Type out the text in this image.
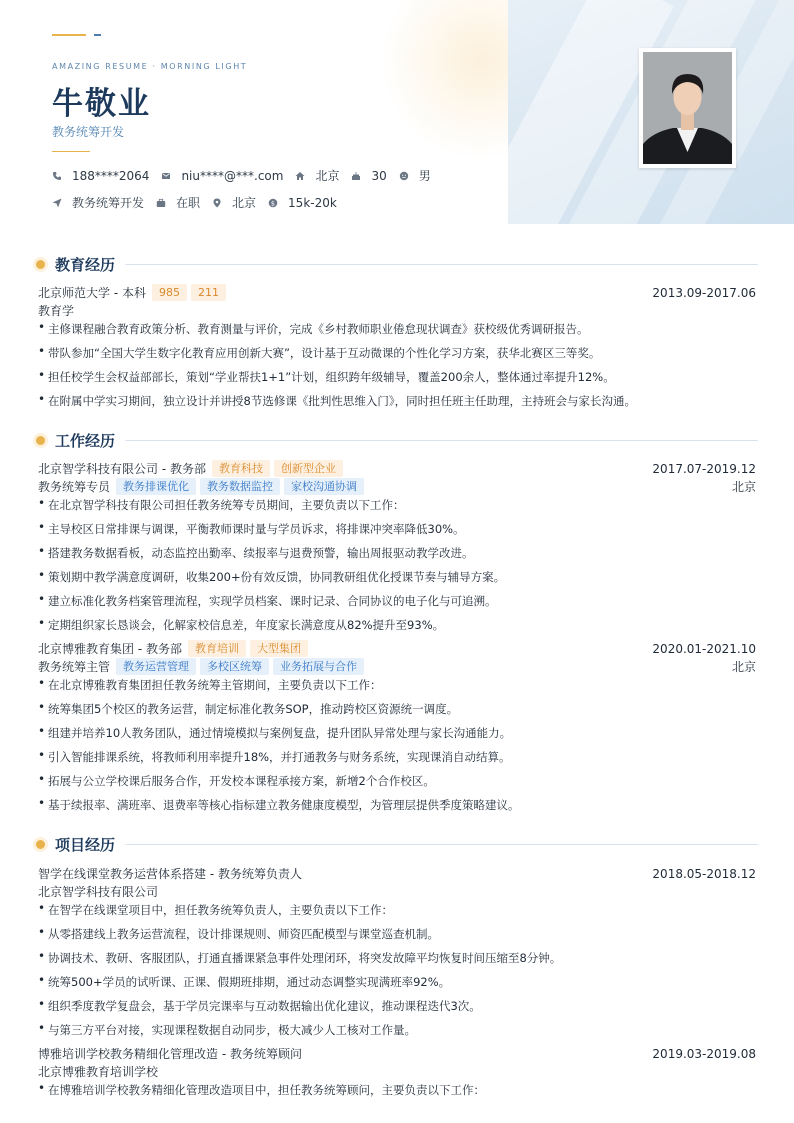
AMAZING RESUME · MORNING LIGHT
牛敬业
教务统筹开发
188****2064	niu****@***.com	北京	30	男
教务统筹开发	在职	北京 $ 15k-20k
教育经历
北京师范大学 - 本科	985	211	2013.09-2017.06
教育学
• 主修课程融合教育政策分析、教育测量与评价，完成《乡村教师职业倦怠现状调查》获校级优秀调研报告。
• 带队参加“全国大学生数字化教育应用创新大赛”，设计基于互动微课的个性化学习方案，获华北赛区三等奖。
• 担任校学生会权益部部长，策划“学业帮扶1+1”计划，组织跨年级辅导，覆盖200余人，整体通过率提升12%。
• 在附属中学实习期间，独立设计并讲授8节选修课《批判性思维入门》，同时担任班主任助理，主持班会与家长沟通。
工作经历
北京智学科技有限公司 - 教务部	教育科技	创新型企业	2017.07-2019.12
教务统筹专员	教务排课优化	教务数据监控	家校沟通协调	北京
• 在北京智学科技有限公司担任教务统筹专员期间，主要负责以下工作：
• 主导校区日常排课与调课，平衡教师课时量与学员诉求，将排课冲突率降低30%。
• 搭建教务数据看板，动态监控出勤率、续报率与退费预警，输出周报驱动教学改进。
• 策划期中教学满意度调研，收集200+份有效反馈，协同教研组优化授课节奏与辅导方案。
• 建立标准化教务档案管理流程，实现学员档案、课时记录、合同协议的电子化与可追溯。
• 定期组织家长恳谈会，化解家校信息差，年度家长满意度从82%提升至93%。
北京博雅教育集团 - 教务部	教育培训	大型集团	2020.01-2021.10
教务统筹主管	教务运营管理	多校区统筹	业务拓展与合作	北京
• 在北京博雅教育集团担任教务统筹主管期间，主要负责以下工作：
• 统筹集团5个校区的教务运营，制定标准化教务SOP，推动跨校区资源统一调度。
• 组建并培养10人教务团队，通过情境模拟与案例复盘，提升团队异常处理与家长沟通能力。
• 引入智能排课系统，将教师利用率提升18%，并打通教务与财务系统，实现课消自动结算。
• 拓展与公立学校课后服务合作，开发校本课程承接方案，新增2个合作校区。
• 基于续报率、满班率、退费率等核心指标建立教务健康度模型，为管理层提供季度策略建议。
项目经历
智学在线课堂教务运营体系搭建 - 教务统筹负责人	2018.05-2018.12
北京智学科技有限公司
• 在智学在线课堂项目中，担任教务统筹负责人，主要负责以下工作：
• 从零搭建线上教务运营流程，设计排课规则、师资匹配模型与课堂巡查机制。
• 协调技术、教研、客服团队，打通直播课紧急事件处理闭环，将突发故障平均恢复时间压缩至8分钟。
• 统筹500+学员的试听课、正课、假期班排期，通过动态调整实现满班率92%。
• 组织季度教学复盘会，基于学员完课率与互动数据输出优化建议，推动课程迭代3次。
• 与第三方平台对接，实现课程数据自动同步，极大减少人工核对工作量。
博雅培训学校教务精细化管理改造 - 教务统筹顾问	2019.03-2019.08
北京博雅教育培训学校
• 在博雅培训学校教务精细化管理改造项目中，担任教务统筹顾问，主要负责以下工作：
